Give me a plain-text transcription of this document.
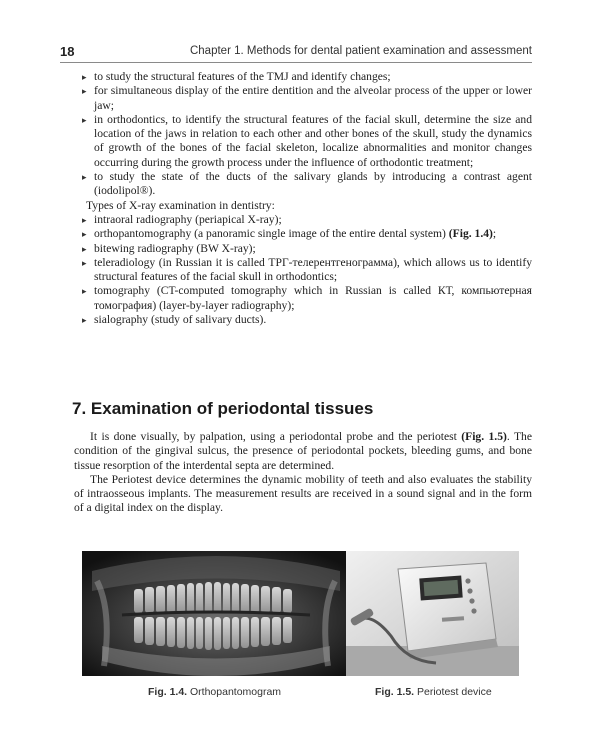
18	Chapter 1. Methods for dental patient examination and assessment
▸ to study the structural features of the TMJ and identify changes;
▸ for simultaneous display of the entire dentition and the alveolar process of the upper or lower jaw;
▸ in orthodontics, to identify the structural features of the facial skull, determine the size and location of the jaws in relation to each other and other bones of the skull, study the dynamics of growth of the bones of the facial skeleton, localize abnormalities and monitor changes occurring during the growth process under the influence of orthodontic treatment;
▸ to study the state of the ducts of the salivary glands by introducing a contrast agent (iodolipol®).

Types of X-ray examination in dentistry:

▸ intraoral radiography (periapical X-ray);
▸ orthopantomography (a panoramic single image of the entire dental system) (Fig. 1.4);
▸ bitewing radiography (BW X-ray);
▸ teleradiology (in Russian it is called ТРГ-телерентгенограмма), which allows us to identify structural features of the facial skull in orthodontics;
▸ tomography (CT-computed tomography which in Russian is called КТ, компьютерная томография) (layer-by-layer radiography);
▸ sialography (study of salivary ducts).
7. Examination of periodontal tissues

It is done visually, by palpation, using a periodontal probe and the periotest (Fig. 1.5). The condition of the gingival sulcus, the presence of periodontal pockets, bleeding gums, and bone tissue resorption of the interdental septa are determined.

The Periotest device determines the dynamic mobility of teeth and also evaluates the stability of intraosseous implants. The measurement results are received in a sound signal and in the form of a digital index on the display.

Fig. 1.4. Orthopantomogram	Fig. 1.5. Periotest device
